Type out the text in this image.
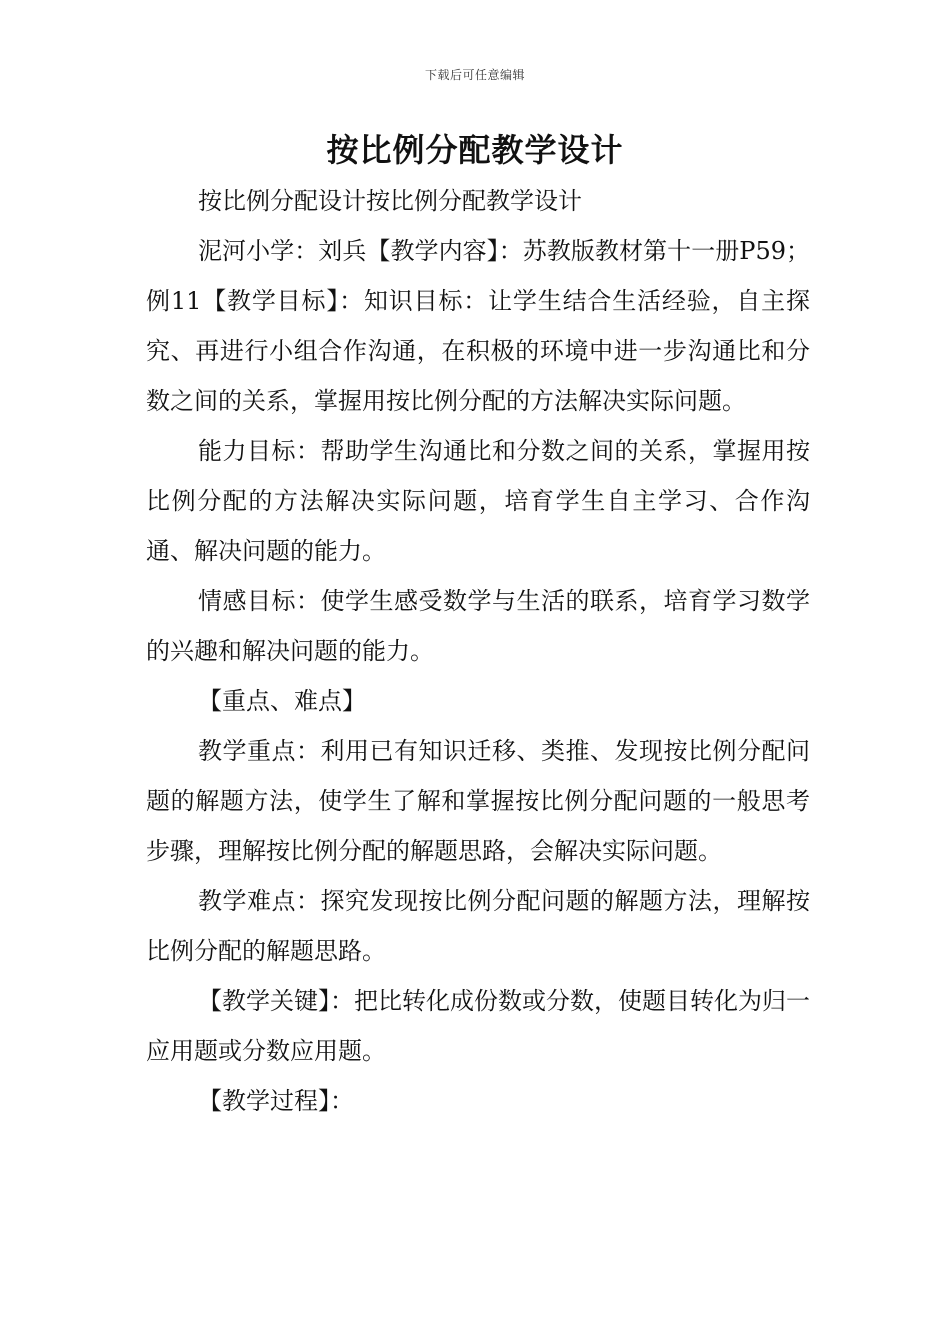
下载后可任意编辑
按比例分配教学设计

按比例分配设计按比例分配教学设计

泥河小学：刘兵【教学内容】：苏教版教材第十一册P59；例11【教学目标】：知识目标：让学生结合生活经验，自主探究、再进行小组合作沟通，在积极的环境中进一步沟通比和分数之间的关系，掌握用按比例分配的方法解决实际问题。

能力目标：帮助学生沟通比和分数之间的关系，掌握用按比例分配的方法解决实际问题，培育学生自主学习、合作沟通、解决问题的能力。

情感目标：使学生感受数学与生活的联系，培育学习数学的兴趣和解决问题的能力。

【重点、难点】

教学重点：利用已有知识迁移、类推、发现按比例分配问题的解题方法，使学生了解和掌握按比例分配问题的一般思考步骤，理解按比例分配的解题思路，会解决实际问题。

教学难点：探究发现按比例分配问题的解题方法，理解按比例分配的解题思路。

【教学关键】：把比转化成份数或分数，使题目转化为归一应用题或分数应用题。

【教学过程】：
